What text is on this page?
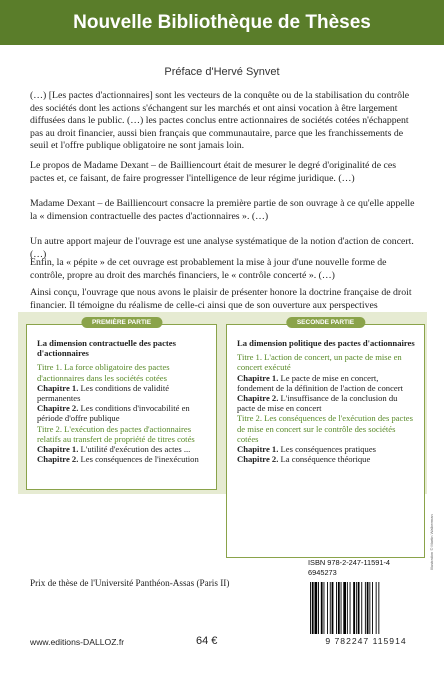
Nouvelle Bibliothèque de Thèses
Préface d'Hervé Synvet

(…) [Les pactes d'actionnaires] sont les vecteurs de la conquête ou de la stabilisation du contrôle des sociétés dont les actions s'échangent sur les marchés et ont ainsi vocation à être largement diffusées dans le public. (…) les pactes conclus entre actionnaires de sociétés cotées n'échappent pas au droit financier, aussi bien français que communautaire, parce que les franchissements de seuil et l'offre publique obligatoire ne sont jamais loin.

Le propos de Madame Dexant – de Bailliencourt était de mesurer le degré d'originalité de ces pactes et, ce faisant, de faire progresser l'intelligence de leur régime juridique. (…)

Madame Dexant – de Bailliencourt consacre la première partie de son ouvrage à ce qu'elle appelle la « dimension contractuelle des pactes d'actionnaires ». (…)

Un autre apport majeur de l'ouvrage est une analyse systématique de la notion d'action de concert. (…)

Enfin, la « pépite » de cet ouvrage est probablement la mise à jour d'une nouvelle forme de contrôle, propre au droit des marchés financiers, le « contrôle concerté ». (…)

Ainsi conçu, l'ouvrage que nous avons le plaisir de présenter honore la doctrine française de droit financier. Il témoigne du réalisme de celle-ci ainsi que de son ouverture aux perspectives

PREMIÈRE PARTIE
La dimension contractuelle des pactes d'actionnaires
Titre 1. La force obligatoire des pactes d'actionnaires dans les sociétés cotées
Chapitre 1. Les conditions de validité permanentes
Chapitre 2. Les conditions d'invocabilité en période d'offre publique
Titre 2. L'exécution des pactes d'actionnaires relatifs au transfert de propriété de titres cotés
Chapitre 1. L'utilité d'exécution des actes ...
Chapitre 2. Les conséquences de l'inexécution
SECONDE PARTIE
La dimension politique des pactes d'actionnaires
Titre 1. L'action de concert, un pacte de mise en concert exécuté
Chapitre 1. Le pacte de mise en concert, fondement de la définition de l'action de concert
Chapitre 2. L'insuffisance de la conclusion du pacte de mise en concert
Titre 2. Les conséquences de l'exécution des pactes de mise en concert sur le contrôle des sociétés cotées
Chapitre 1. Les conséquences pratiques
Chapitre 2. La conséquence théorique
Prix de thèse de l'Université Panthéon-Assas (Paris II)
ISBN 978-2-247-11591-4
6945273
9 782247 115914
Illustration © Martin Walkerman
www.editions-DALLOZ.fr	64 €
